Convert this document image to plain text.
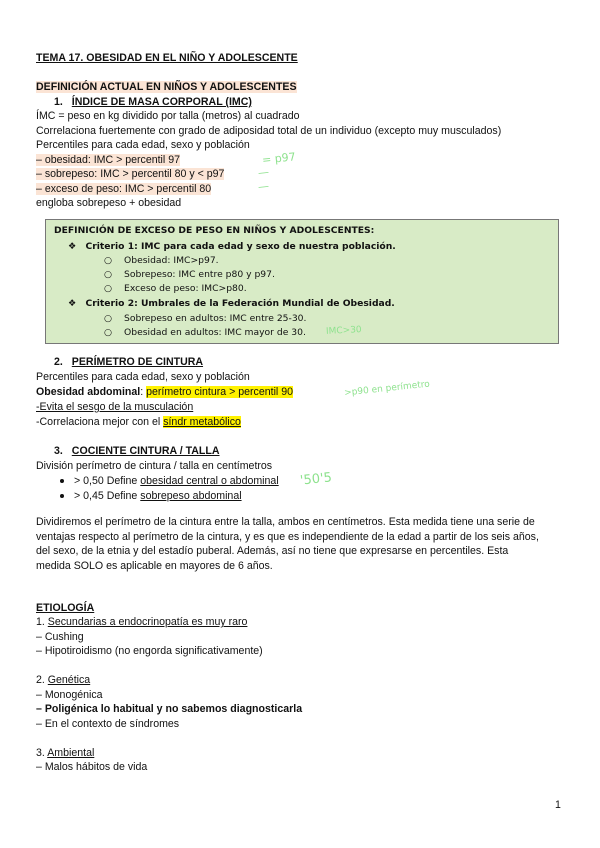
TEMA 17. OBESIDAD EN EL NIÑO Y ADOLESCENTE
DEFINICIÓN ACTUAL EN NIÑOS Y ADOLESCENTES
1. ÍNDICE DE MASA CORPORAL (IMC)
ÍMC = peso en kg dividido por talla (metros) al cuadrado
Correlaciona fuertemente con grado de adiposidad total de un individuo (excepto muy musculados)
Percentiles para cada edad, sexo y población
– obesidad: IMC > percentil 97
– sobrepeso: IMC > percentil 80 y < p97
– exceso de peso: IMC > percentil 80
engloba sobrepeso + obesidad
= p97
—
—
DEFINICIÓN DE EXCESO DE PESO EN NIÑOS Y ADOLESCENTES:
❖ Criterio 1: IMC para cada edad y sexo de nuestra población.
○ Obesidad: IMC>p97.
○ Sobrepeso: IMC entre p80 y p97.
○ Exceso de peso: IMC>p80.
❖ Criterio 2: Umbrales de la Federación Mundial de Obesidad.
○ Sobrepeso en adultos: IMC entre 25-30.
○ Obesidad en adultos: IMC mayor de 30. IMC>30
2. PERÍMETRO DE CINTURA
Percentiles para cada edad, sexo y población
Obesidad abdominal: perímetro cintura > percentil 90	>p90 en perímetro
-Evita el sesgo de la musculación
-Correlaciona mejor con el síndr metabólico
3. COCIENTE CINTURA / TALLA
División perímetro de cintura / talla en centímetros
> 0,50 Define obesidad central o abdominal
> 0,45 Define sobrepeso abdominal
'50'5
Dividiremos el perímetro de la cintura entre la talla, ambos en centímetros. Esta medida tiene una serie de
ventajas respecto al perímetro de la cintura, y es que es independiente de la edad a partir de los seis años,
del sexo, de la etnia y del estadío puberal. Además, así no tiene que expresarse en percentiles. Esta
medida SOLO es aplicable en mayores de 6 años.
ETIOLOGÍA
1. Secundarias a endocrinopatía es muy raro
– Cushing
– Hipotiroidismo (no engorda significativamente)
2. Genética
– Monogénica
– Poligénica lo habitual y no sabemos diagnosticarla
– En el contexto de síndromes
3. Ambiental
– Malos hábitos de vida
1
